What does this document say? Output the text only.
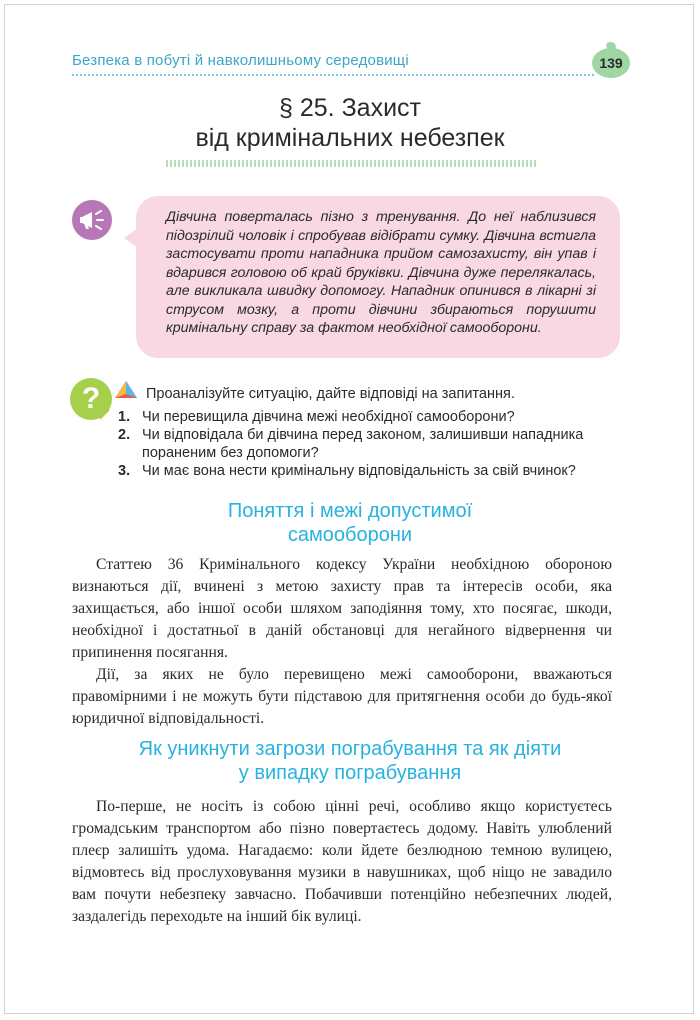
Безпека в побуті й навколишньому середовищі	139
§ 25. Захист
від кримінальних небезпек

Дівчина поверталась пізно з тренування. До неї наблизився підозрілий чоловік і спробував відібрати сумку. Дівчина встигла застосувати проти нападника прийом самозахисту, він упав і вдарився головою об край бруківки. Дівчина дуже перелякалась, але викликала швидку допомогу. Нападник опинився в лікарні зі струсом мозку, а проти дівчини збираються порушити кримінальну справу за фактом необхідної самооборони.

?	Проаналізуйте ситуацію, дайте відповіді на запитання.
1. Чи перевищила дівчина межі необхідної самооборони?
2. Чи відповідала би дівчина перед законом, залишивши нападника пораненим без допомоги?
3. Чи має вона нести кримінальну відповідальність за свій вчинок?
Поняття і межі допустимої
самооборони

Статтею 36 Кримінального кодексу України необхідною обороною визнаються дії, вчинені з метою захисту прав та інтересів особи, яка захищається, або іншої особи шляхом заподіяння тому, хто посягає, шкоди, необхідної і достатньої в даній обстановці для негайного відвернення чи припинення посягання.

Дії, за яких не було перевищено межі самооборони, вважаються правомірними і не можуть бути підставою для притягнення особи до будь-якої юридичної відповідальності.

Як уникнути загрози пограбування та як діяти
у випадку пограбування

По-перше, не носіть із собою цінні речі, особливо якщо користуєтесь громадським транспортом або пізно повертаєтесь додому. Навіть улюблений плеєр залишіть удома. Нагадаємо: коли йдете безлюдною темною вулицею, відмовтесь від прослуховування музики в навушниках, щоб ніщо не завадило вам почути небезпеку завчасно. Побачивши потенційно небезпечних людей, заздалегідь переходьте на інший бік вулиці.
